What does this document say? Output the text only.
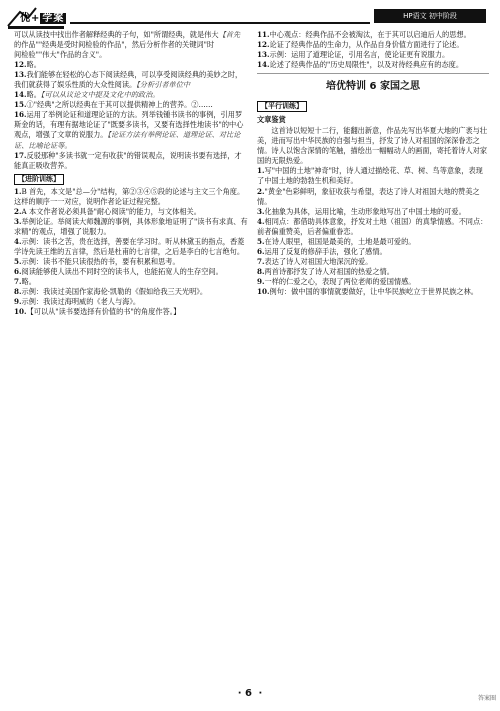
优+ 学案	HP语文 初中阶段

可以从读技中找出作者解释经典的子句，如"所谓经典，就是伟大【首先

的作品""经典是受时间检验的作品"，然后分析作者的关键词"时

间检验""伟大"作品的含义"。

12.略。

13.我们能够在轻松的心态下阅读经典，可以享受阅读经典的美妙之时，我们就获得了娱乐性质的大众性阅读。【分析引者单位中

14.略。【可以从议论文中提及文化中的政治。

15.①"经典"之所以经典在于其可以提供精神上的营养。②……

16.运用了举例论证和道理论证的方法。列举钱锺书读书的事例，引用罗斯金的话，有理有据地论证了"既要多读书，又要有选择性地读书"的中心观点，增强了文章的说服力。【论证方法有举例论证、道理论证、对比论证、比喻论证等。

17.反驳那种"多读书就一定有收获"的错误观点，说明读书要有选择，才能真正吸收营养。

【进阶训练】

1.B 首先，本文是"总—分"结构，第②③④⑤段的论述与主文三个角度。这样的顺序一一对应，说明作者论证过程完整。

2.A 本文作者说必须具备"耐心阅读"的能力，与文体相关。

3.举例论证。举阅读大师魏源的事例，具体形象地证明了"读书有求真、有求精"的观点，增强了说服力。

4.示例：读书之苦，贵在选择，善要在学习时。听从林黛玉的指点，香菱学诗先读王维的五言律，然后是杜甫的七言律，之后是李白的七言绝句。

5.示例：读书不能只读很热的书，要有积累和思考。

6.阅读能够使人读出不同时空的读书人，也能拓宽人的生存空间。

7.略。

8.示例：我读过美国作家海伦·凯勒的《假如给我三天光明》。

9.示例：我读过海明威的《老人与海》。

10.【可以从"读书要选择有价值的书"的角度作答。】

11.中心观点：经典作品不会被淘汰，在于其可以启迪后人的思想。

12.论证了经典作品的生命力，从作品自身价值方面进行了论述。

13.示例：运用了道理论证，引用名言，使论证更有说服力。

14.论述了经典作品的"历史局限性"，以及对待经典应有的态度。

培优特训 6 家国之思
【平行训练】
文章鉴赏

这首诗以短短十二行，能翻出新意，作品先写出华夏大地的广袤与壮美，进而写出中华民族的自强与担当，抒发了诗人对祖国的深深眷恋之情。诗人以饱含深情的笔触，描绘出一幅幅动人的画面，寄托着诗人对家国的无限热爱。

1.写"中国的土地"神奇"时，诗人通过描绘花、草、树、鸟等意象，表现了中国土地的勃勃生机和美好。

2."黄金"色彩鲜明，象征收获与希望，表达了诗人对祖国大地的赞美之情。

3.化抽象为具体，运用比喻，生动形象地写出了中国土地的可爱。

4.相同点：都借助具体意象，抒发对土地（祖国）的真挚情感。不同点：前者偏重赞美，后者偏重眷恋。

5.在诗人眼里，祖国是最美的，土地是最可爱的。

6.运用了反复的修辞手法，强化了感情。

7.表达了诗人对祖国大地深沉的爱。

8.两首诗都抒发了诗人对祖国的热爱之情。

9.一样的仁爱之心，表现了两位老师的爱国情感。

10.例句：做中国的事情就要做好，让中华民族屹立于世界民族之林。

· 6 ·	答案圈
